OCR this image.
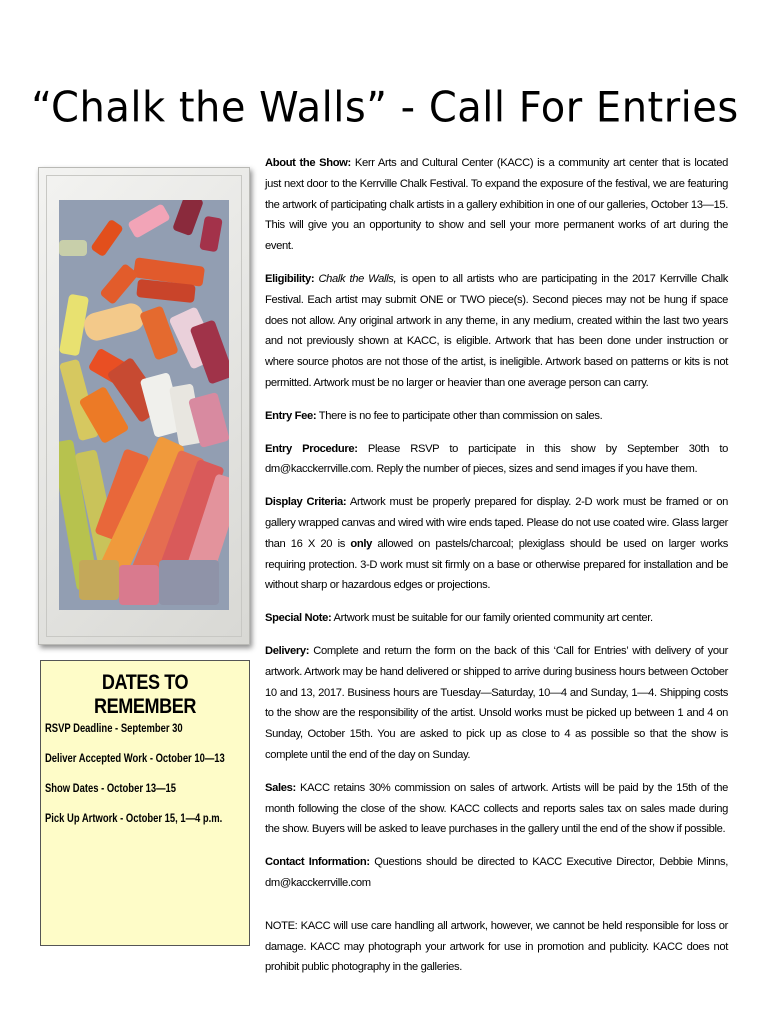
“Chalk the Walls” - Call For Entries
DATES TO REMEMBER
RSVP Deadline - September 30
Deliver Accepted Work - October 10—13
Show Dates - October 13—15
Pick Up Artwork - October 15, 1—4 p.m.

About the Show: Kerr Arts and Cultural Center (KACC) is a community art center that is located just next door to the Kerrville Chalk Festival. To expand the exposure of the festival, we are featuring the artwork of participating chalk artists in a gallery exhibition in one of our galleries, October 13—15. This will give you an opportunity to show and sell your more permanent works of art during the event.

Eligibility: Chalk the Walls, is open to all artists who are participating in the 2017 Kerrville Chalk Festival. Each artist may submit ONE or TWO piece(s). Second pieces may not be hung if space does not allow. Any original artwork in any theme, in any medium, created within the last two years and not previously shown at KACC, is eligible. Artwork that has been done under instruction or where source photos are not those of the artist, is ineligible. Artwork based on patterns or kits is not permitted. Artwork must be no larger or heavier than one average person can carry.

Entry Fee: There is no fee to participate other than commission on sales.

Entry Procedure: Please RSVP to participate in this show by September 30th to dm@kacckerrville.com. Reply the number of pieces, sizes and send images if you have them.

Display Criteria: Artwork must be properly prepared for display. 2-D work must be framed or on gallery wrapped canvas and wired with wire ends taped. Please do not use coated wire. Glass larger than 16 X 20 is only allowed on pastels/charcoal; plexiglass should be used on larger works requiring protection. 3-D work must sit firmly on a base or otherwise prepared for installation and be without sharp or hazardous edges or projections.

Special Note: Artwork must be suitable for our family oriented community art center.

Delivery: Complete and return the form on the back of this ‘Call for Entries’ with delivery of your artwork. Artwork may be hand delivered or shipped to arrive during business hours between October 10 and 13, 2017. Business hours are Tuesday—Saturday, 10—4 and Sunday, 1—4. Shipping costs to the show are the responsibility of the artist. Unsold works must be picked up between 1 and 4 on Sunday, October 15th. You are asked to pick up as close to 4 as possible so that the show is complete until the end of the day on Sunday.

Sales: KACC retains 30% commission on sales of artwork. Artists will be paid by the 15th of the month following the close of the show. KACC collects and reports sales tax on sales made during the show. Buyers will be asked to leave purchases in the gallery until the end of the show if possible.

Contact Information: Questions should be directed to KACC Executive Director, Debbie Minns, dm@kacckerrville.com

NOTE: KACC will use care handling all artwork, however, we cannot be held responsible for loss or damage. KACC may photograph your artwork for use in promotion and publicity. KACC does not prohibit public photography in the galleries.
